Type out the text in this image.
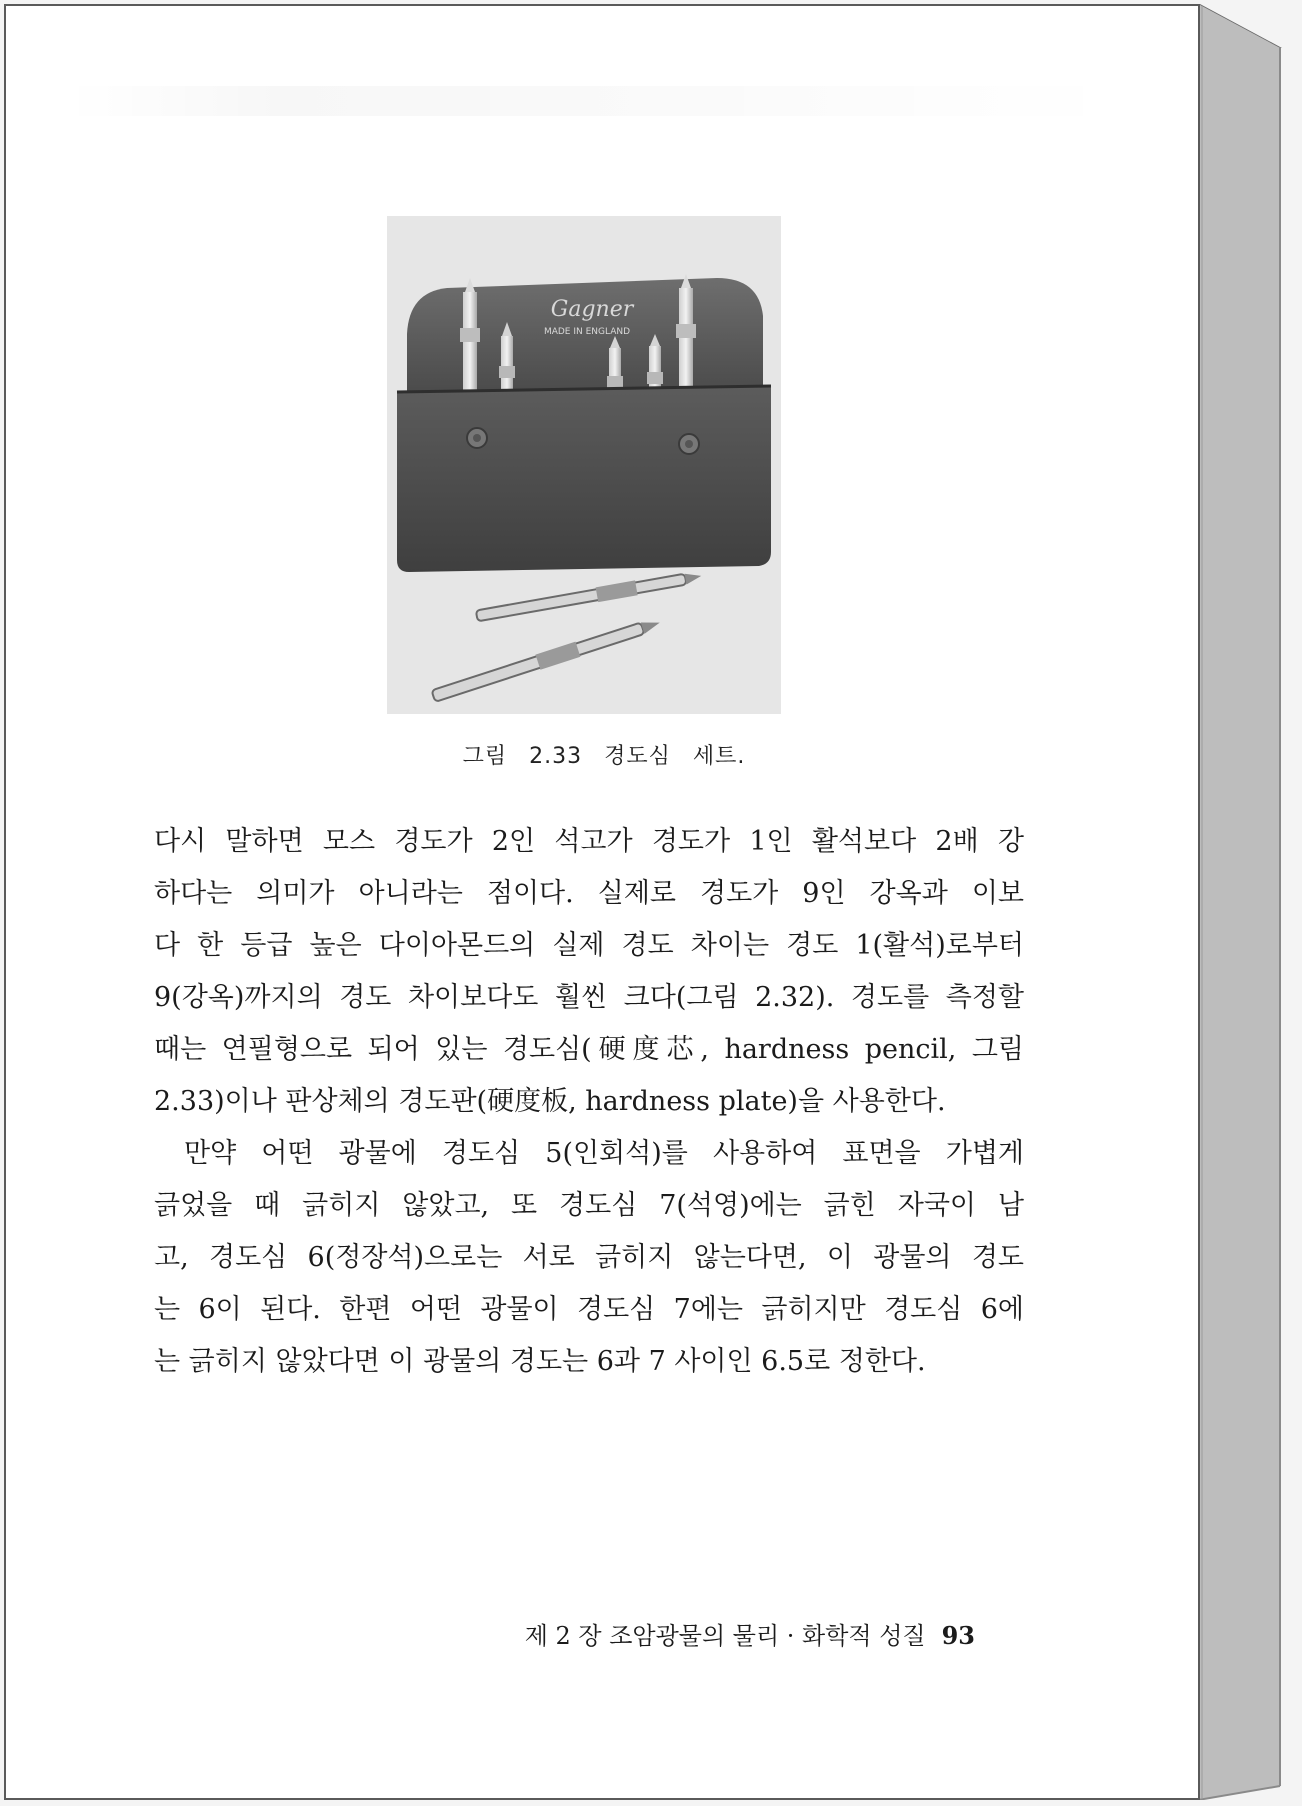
Gagner
MADE IN ENGLAND
그림 2.33 경도심 세트.
다시 말하면 모스 경도가 2인 석고가 경도가 1인 활석보다 2배 강
하다는 의미가 아니라는 점이다. 실제로 경도가 9인 강옥과 이보
다 한 등급 높은 다이아몬드의 실제 경도 차이는 경도 1(활석)로부터
9(강옥)까지의 경도 차이보다도 훨씬 크다(그림 2.32). 경도를 측정할
때는 연필형으로 되어 있는 경도심(硬度芯, hardness pencil, 그림
2.33)이나 판상체의 경도판(硬度板, hardness plate)을 사용한다.
만약 어떤 광물에 경도심 5(인회석)를 사용하여 표면을 가볍게
긁었을 때 긁히지 않았고, 또 경도심 7(석영)에는 긁힌 자국이 남
고, 경도심 6(정장석)으로는 서로 긁히지 않는다면, 이 광물의 경도
는 6이 된다. 한편 어떤 광물이 경도심 7에는 긁히지만 경도심 6에
는 긁히지 않았다면 이 광물의 경도는 6과 7 사이인 6.5로 정한다.
제 2 장 조암광물의 물리 · 화학적 성질 93
